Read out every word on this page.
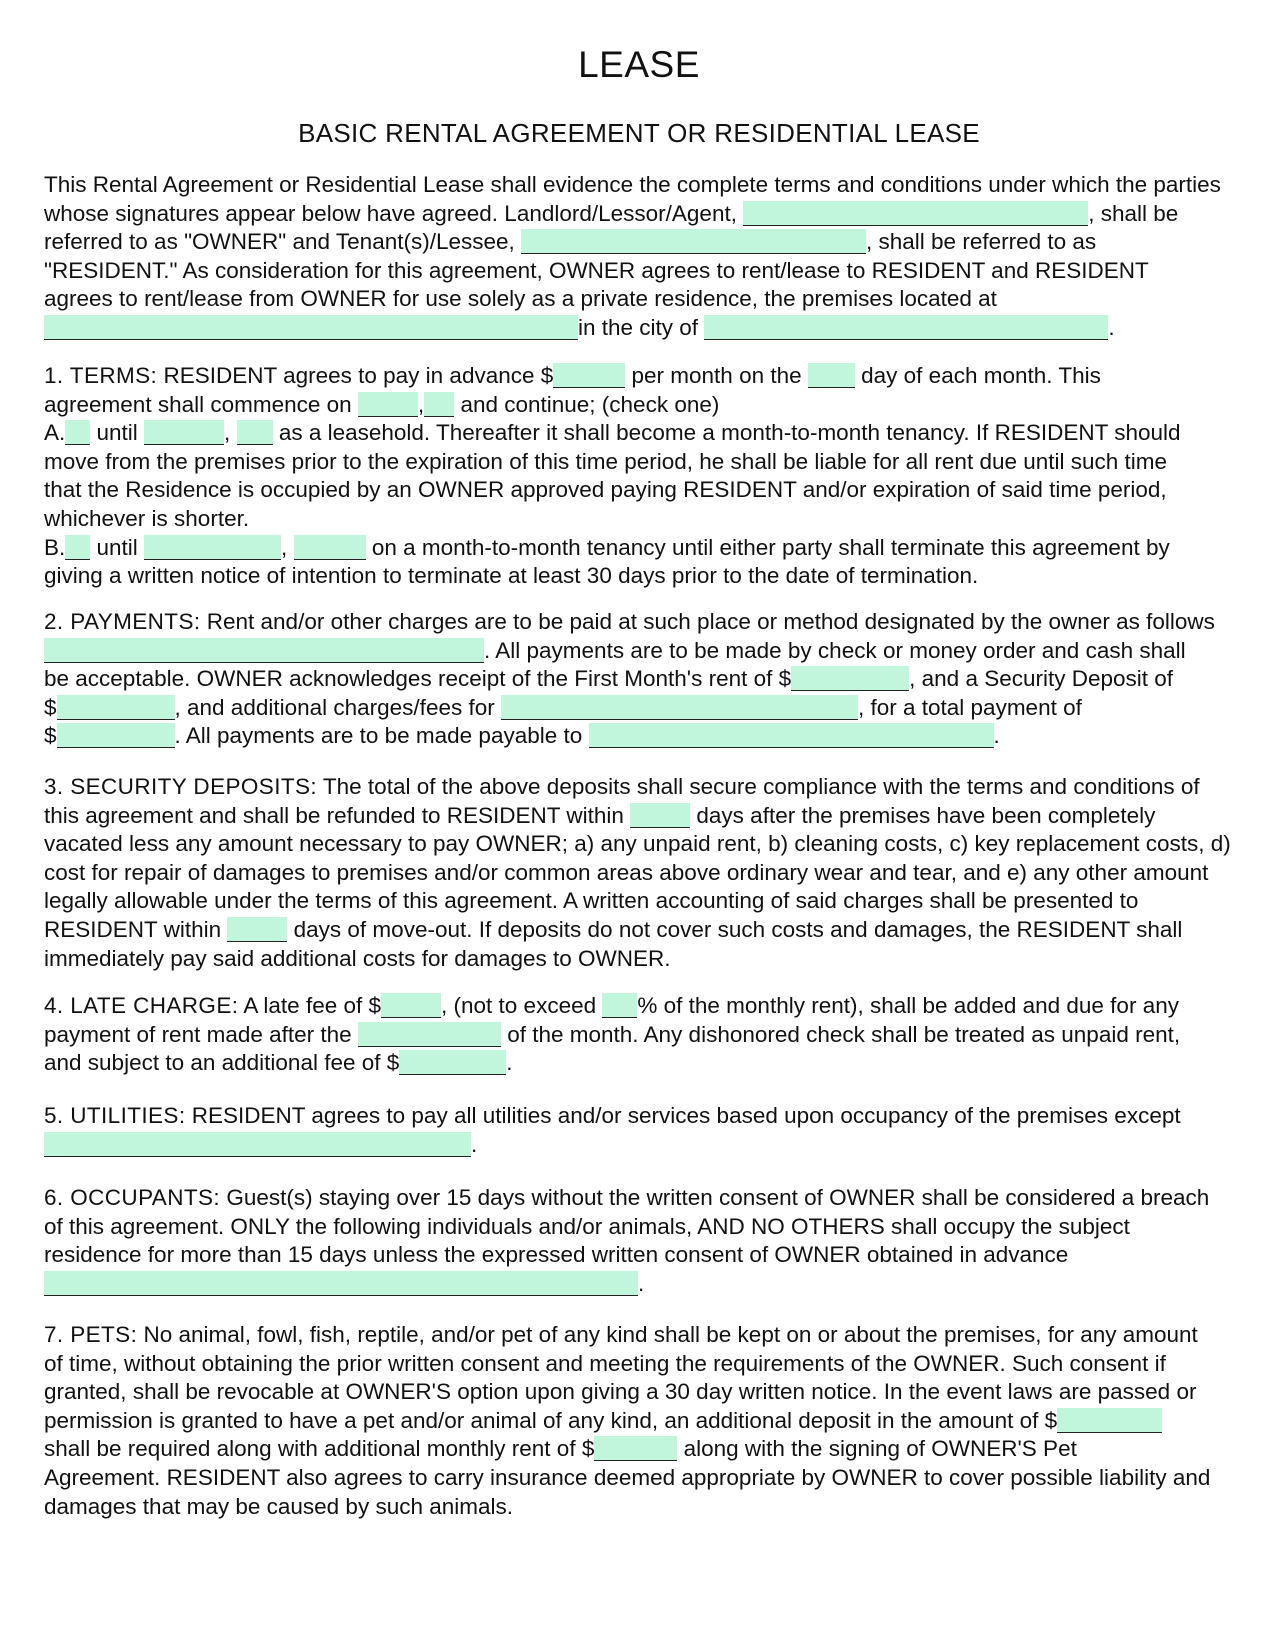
LEASE
BASIC RENTAL AGREEMENT OR RESIDENTIAL LEASE
This Rental Agreement or Residential Lease shall evidence the complete terms and conditions under which the parties
whose signatures appear below have agreed. Landlord/Lessor/Agent,	, shall be
referred to as "OWNER" and Tenant(s)/Lessee,	, shall be referred to as
"RESIDENT." As consideration for this agreement, OWNER agrees to rent/lease to RESIDENT and RESIDENT
agrees to rent/lease from OWNER for use solely as a private residence, the premises located at
in the city of	.
1. TERMS: RESIDENT agrees to pay in advance $	per month on the  day of each month. This
agreement shall commence on	, and continue; (check one)
A. until	,  as a leasehold. Thereafter it shall become a month-to-month tenancy. If RESIDENT should
move from the premises prior to the expiration of this time period, he shall be liable for all rent due until such time
that the Residence is occupied by an OWNER approved paying RESIDENT and/or expiration of said time period,
whichever is shorter.
B. until	,	on a month-to-month tenancy until either party shall terminate this agreement by
giving a written notice of intention to terminate at least 30 days prior to the date of termination.
2. PAYMENTS: Rent and/or other charges are to be paid at such place or method designated by the owner as follows
. All payments are to be made by check or money order and cash shall
be acceptable. OWNER acknowledges receipt of the First Month's rent of $	, and a Security Deposit of
$	, and additional charges/fees for	, for a total payment of
$	. All payments are to be made payable to	.
3. SECURITY DEPOSITS: The total of the above deposits shall secure compliance with the terms and conditions of
this agreement and shall be refunded to RESIDENT within	days after the premises have been completely
vacated less any amount necessary to pay OWNER; a) any unpaid rent, b) cleaning costs, c) key replacement costs, d)
cost for repair of damages to premises and/or common areas above ordinary wear and tear, and e) any other amount
legally allowable under the terms of this agreement. A written accounting of said charges shall be presented to
RESIDENT within	days of move-out. If deposits do not cover such costs and damages, the RESIDENT shall
immediately pay said additional costs for damages to OWNER.
4. LATE CHARGE: A late fee of $	, (not to exceed % of the monthly rent), shall be added and due for any
payment of rent made after the	of the month. Any dishonored check shall be treated as unpaid rent,
and subject to an additional fee of $	.
5. UTILITIES: RESIDENT agrees to pay all utilities and/or services based upon occupancy of the premises except
.
6. OCCUPANTS: Guest(s) staying over 15 days without the written consent of OWNER shall be considered a breach
of this agreement. ONLY the following individuals and/or animals, AND NO OTHERS shall occupy the subject
residence for more than 15 days unless the expressed written consent of OWNER obtained in advance
.
7. PETS: No animal, fowl, fish, reptile, and/or pet of any kind shall be kept on or about the premises, for any amount
of time, without obtaining the prior written consent and meeting the requirements of the OWNER. Such consent if
granted, shall be revocable at OWNER'S option upon giving a 30 day written notice. In the event laws are passed or
permission is granted to have a pet and/or animal of any kind, an additional deposit in the amount of $
shall be required along with additional monthly rent of $	along with the signing of OWNER'S Pet
Agreement. RESIDENT also agrees to carry insurance deemed appropriate by OWNER to cover possible liability and
damages that may be caused by such animals.
